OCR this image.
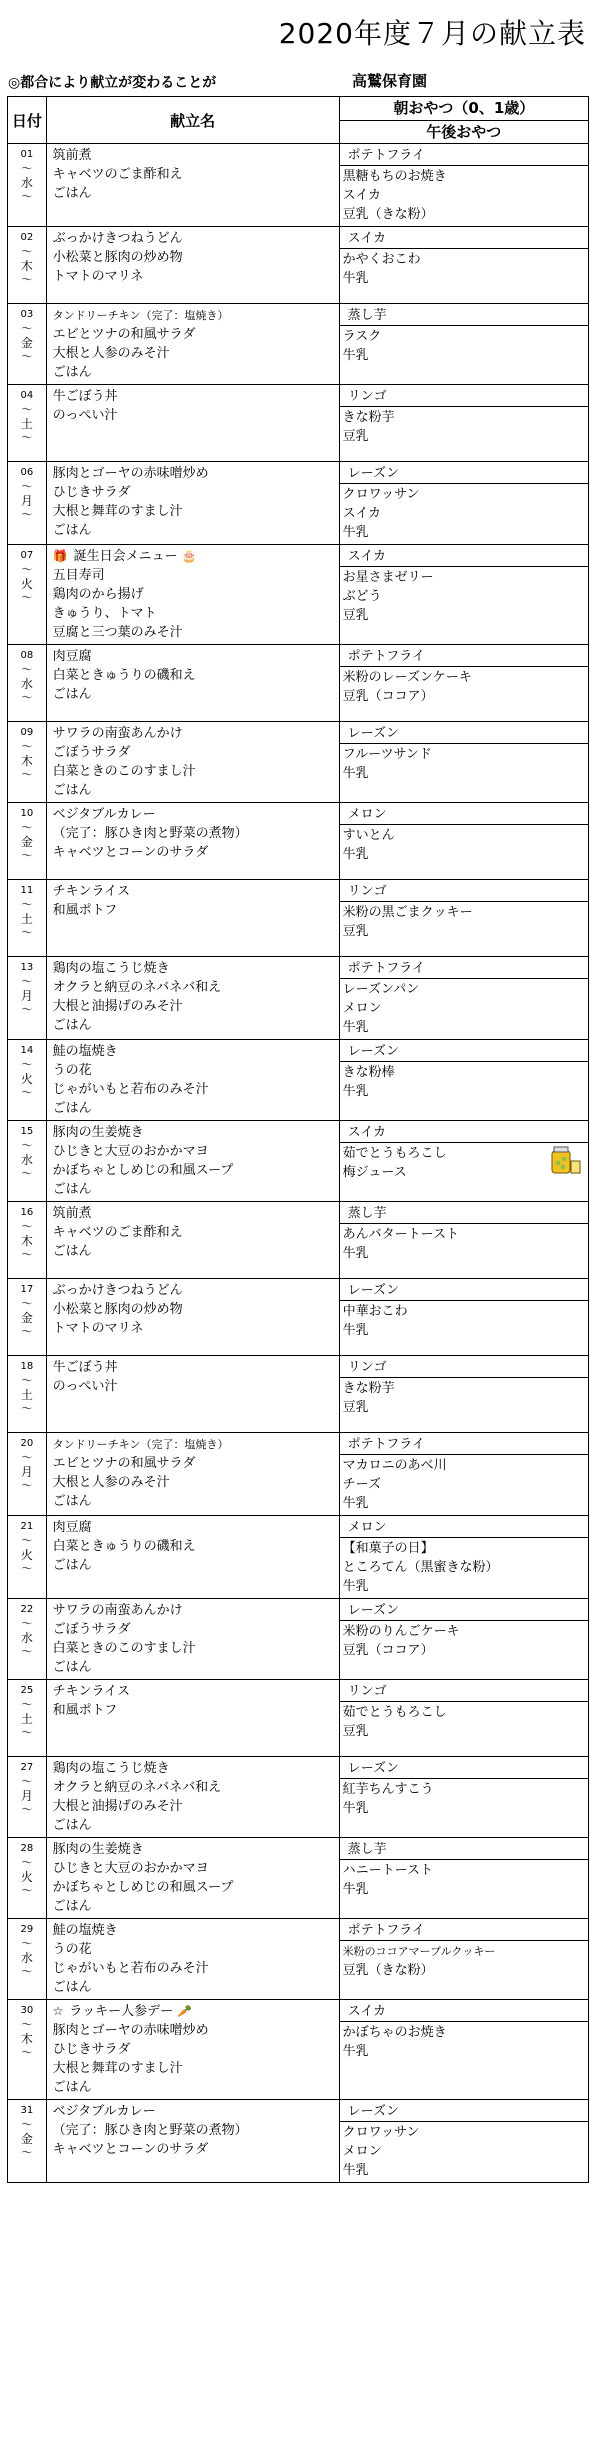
2020年度７月の献立表
◎都合により献立が変わることが	高鷲保育園
日付	献立名	朝おやつ（0、1歳）
午後おやつ

01
〜
水
〜	筑前煮
キャベツのごま酢和え
ごはん	ポテトフライ
黒糖もちのお焼き
スイカ
豆乳（きな粉）

02
〜
木
〜	ぶっかけきつねうどん
小松菜と豚肉の炒め物
トマトのマリネ	スイカ
かやくおこわ
牛乳

03
〜
金
〜	タンドリーチキン（完了：塩焼き）
エビとツナの和風サラダ
大根と人参のみそ汁
ごはん	蒸し芋
ラスク
牛乳

04
〜
土
〜	牛ごぼう丼
のっぺい汁	リンゴ
きな粉芋
豆乳

06
〜
月
〜	豚肉とゴーヤの赤味噌炒め
ひじきサラダ
大根と舞茸のすまし汁
ごはん	レーズン
クロワッサン
スイカ
牛乳

07
〜
火
〜	🎁 誕生日会メニュー 🎂
五目寿司
鶏肉のから揚げ
きゅうり、トマト
豆腐と三つ葉のみそ汁	スイカ
お星さまゼリー
ぶどう
豆乳

08
〜
水
〜	肉豆腐
白菜ときゅうりの磯和え
ごはん	ポテトフライ
米粉のレーズンケーキ
豆乳（ココア）

09
〜
木
〜	サワラの南蛮あんかけ
ごぼうサラダ
白菜ときのこのすまし汁
ごはん	レーズン
フルーツサンド
牛乳

10
〜
金
〜	ベジタブルカレー
（完了：豚ひき肉と野菜の煮物）
キャベツとコーンのサラダ	メロン
すいとん
牛乳

11
〜
土
〜	チキンライス
和風ポトフ	リンゴ
米粉の黒ごまクッキー
豆乳

13
〜
月
〜	鶏肉の塩こうじ焼き
オクラと納豆のネバネバ和え
大根と油揚げのみそ汁
ごはん	ポテトフライ
レーズンパン
メロン
牛乳

14
〜
火
〜	鮭の塩焼き
うの花
じゃがいもと若布のみそ汁
ごはん	レーズン
きな粉棒
牛乳

15
〜
水
〜	豚肉の生姜焼き
ひじきと大豆のおかかマヨ
かぼちゃとしめじの和風スープ
ごはん	スイカ
茹でとうもろこし
梅ジュース

16
〜
木
〜	筑前煮
キャベツのごま酢和え
ごはん	蒸し芋
あんバタートースト
牛乳

17
〜
金
〜	ぶっかけきつねうどん
小松菜と豚肉の炒め物
トマトのマリネ	レーズン
中華おこわ
牛乳

18
〜
土
〜	牛ごぼう丼
のっぺい汁	リンゴ
きな粉芋
豆乳

20
〜
月
〜	タンドリーチキン（完了：塩焼き）
エビとツナの和風サラダ
大根と人参のみそ汁
ごはん	ポテトフライ
マカロニのあべ川
チーズ
牛乳

21
〜
火
〜	肉豆腐
白菜ときゅうりの磯和え
ごはん	メロン
【和菓子の日】
ところてん（黒蜜きな粉）
牛乳

22
〜
水
〜	サワラの南蛮あんかけ
ごぼうサラダ
白菜ときのこのすまし汁
ごはん	レーズン
米粉のりんごケーキ
豆乳（ココア）

25
〜
土
〜	チキンライス
和風ポトフ	リンゴ
茹でとうもろこし
豆乳

27
〜
月
〜	鶏肉の塩こうじ焼き
オクラと納豆のネバネバ和え
大根と油揚げのみそ汁
ごはん	レーズン
紅芋ちんすこう
牛乳

28
〜
火
〜	豚肉の生姜焼き
ひじきと大豆のおかかマヨ
かぼちゃとしめじの和風スープ
ごはん	蒸し芋
ハニートースト
牛乳

29
〜
水
〜	鮭の塩焼き
うの花
じゃがいもと若布のみそ汁
ごはん	ポテトフライ
米粉のココアマーブルクッキー
豆乳（きな粉）

30
〜
木
〜	☆ ラッキー人参デー 🥕
豚肉とゴーヤの赤味噌炒め
ひじきサラダ
大根と舞茸のすまし汁
ごはん	スイカ
かぼちゃのお焼き
牛乳

31
〜
金
〜	ベジタブルカレー
（完了：豚ひき肉と野菜の煮物）
キャベツとコーンのサラダ	レーズン
クロワッサン
メロン
牛乳
